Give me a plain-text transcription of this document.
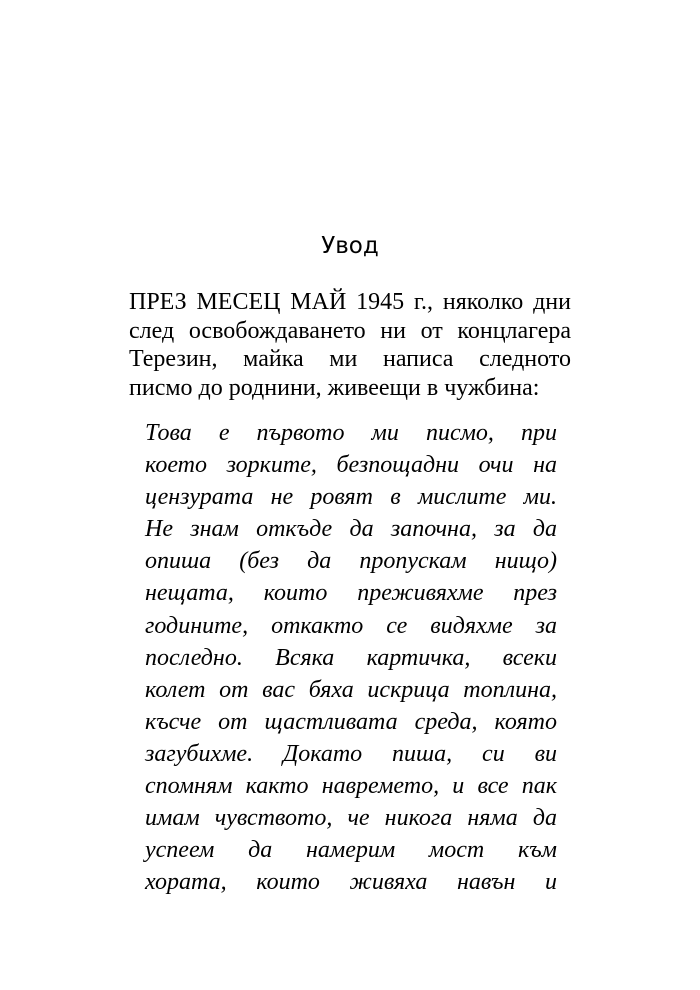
Увод

ПРЕЗ МЕСЕЦ МАЙ 1945 г., няколко дни
след освобождаването ни от концлагера
Терезин, майка ми написа следното
писмо до роднини, живеещи в чужбина:

Това е първото ми писмо, при
което зорките, безпощадни очи на
цензурата не ровят в мислите ми.
Не знам откъде да започна, за да
опиша (без да пропускам нищо)
нещата, които преживяхме през
годините, откакто се видяхме за
последно. Всяка картичка, всеки
колет от вас бяха искрица топлина,
късче от щастливата среда, която
загубихме. Докато пиша, си ви
спомням както навремето, и все пак
имам чувството, че никога няма да
успеем да намерим мост към
хората, които живяха навън и
